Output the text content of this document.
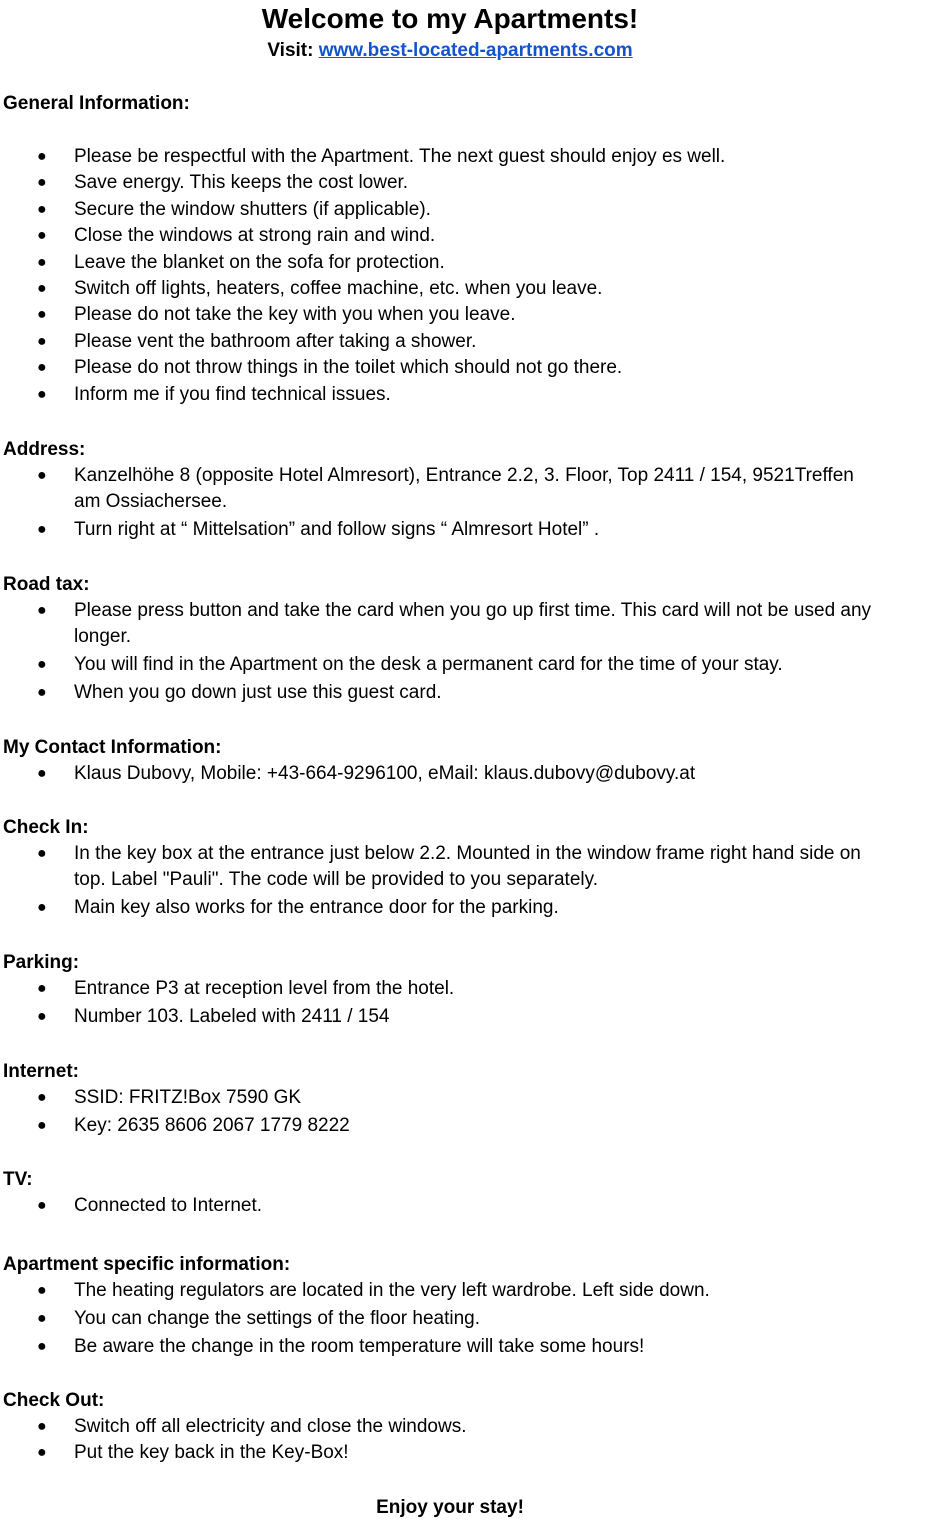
Welcome to my Apartments!

Visit: www.best-located-apartments.com

General Information:

● Please be respectful with the Apartment. The next guest should enjoy es well.
● Save energy. This keeps the cost lower.
● Secure the window shutters (if applicable).
● Close the windows at strong rain and wind.
● Leave the blanket on the sofa for protection.
● Switch off lights, heaters, coffee machine, etc. when you leave.
● Please do not take the key with you when you leave.
● Please vent the bathroom after taking a shower.
● Please do not throw things in the toilet which should not go there.
● Inform me if you find technical issues.

Address:

● Kanzelhöhe 8 (opposite Hotel Almresort), Entrance 2.2, 3. Floor, Top 2411 / 154, 9521Treffen am Ossiachersee.
● Turn right at “ Mittelsation” and follow signs “ Almresort Hotel” .

Road tax:

● Please press button and take the card when you go up first time. This card will not be used any longer.
● You will find in the Apartment on the desk a permanent card for the time of your stay.
● When you go down just use this guest card.

My Contact Information:

● Klaus Dubovy, Mobile: +43-664-9296100, eMail: klaus.dubovy@dubovy.at

Check In:

● In the key box at the entrance just below 2.2. Mounted in the window frame right hand side on top. Label "Pauli". The code will be provided to you separately.
● Main key also works for the entrance door for the parking.

Parking:

● Entrance P3 at reception level from the hotel.
● Number 103. Labeled with 2411 / 154

Internet:

● SSID: FRITZ!Box 7590 GK
● Key: 2635 8606 2067 1779 8222

TV:

● Connected to Internet.

Apartment specific information:

● The heating regulators are located in the very left wardrobe. Left side down.
● You can change the settings of the floor heating.
● Be aware the change in the room temperature will take some hours!

Check Out:

● Switch off all electricity and close the windows.
● Put the key back in the Key-Box!

Enjoy your stay!
